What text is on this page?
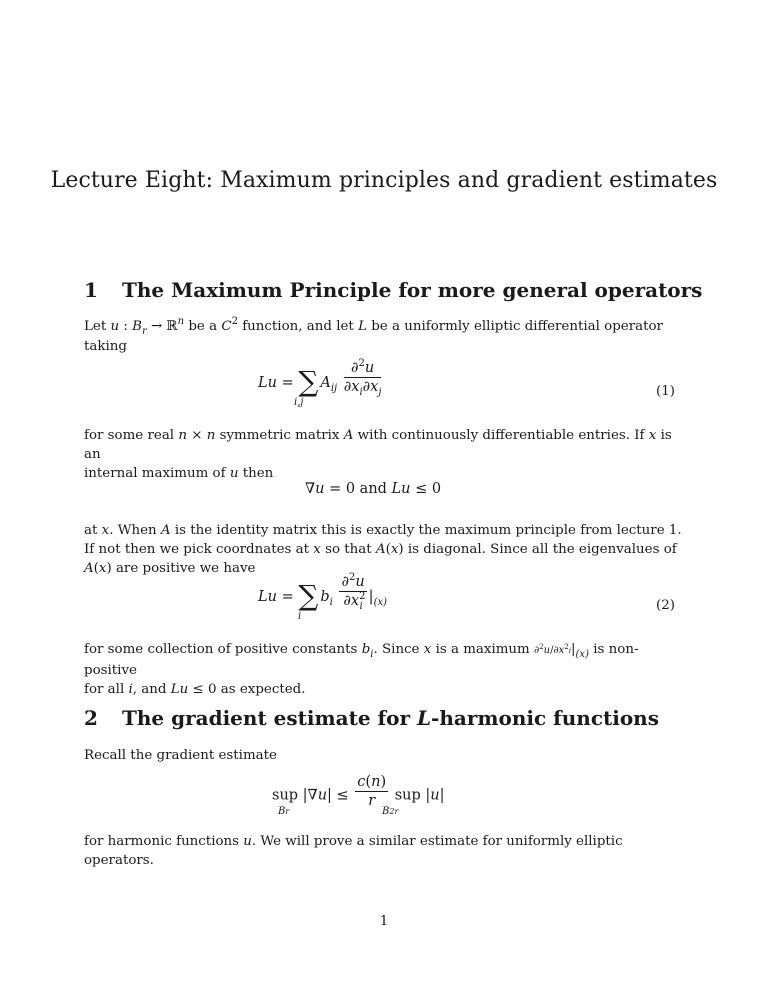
Lecture Eight: Maximum principles and gradient estimates
1 The Maximum Principle for more general operators
Let u : $B_r$ → ℝ$^n$ be a $C^2$ function, and let L be a uniformly elliptic differential operator
taking
Lu = ∑ $A_{ij} \frac{\partial^2u}{\partial x_i\partial x_j}$
i,j
(1)
for some real n × n symmetric matrix A with continuously differentiable entries. If x is an
internal maximum of u then
∇u = 0 and Lu ≤ 0
at x. When A is the identity matrix this is exactly the maximum principle from lecture 1.
If not then we pick coordnates at x so that A(x) is diagonal. Since all the eigenvalues of
A(x) are positive we have
Lu = ∑ $b_i \frac{\partial^2u}{\partial x^2_i} |_{(x)}$
i
(2)
for some collection of positive constants $b_i$. Since x is a maximum $\partial^2u/\partial x^2i|_{(x)}$ is non-positive
for all i, and Lu ≤ 0 as expected.
2 The gradient estimate for L-harmonic functions
Recall the gradient estimate
sup $|\nabla u| \le \frac{c(n)}{r}$ sup |u|
Br	B2r
for harmonic functions u. We will prove a similar estimate for uniformly elliptic operators.
1
